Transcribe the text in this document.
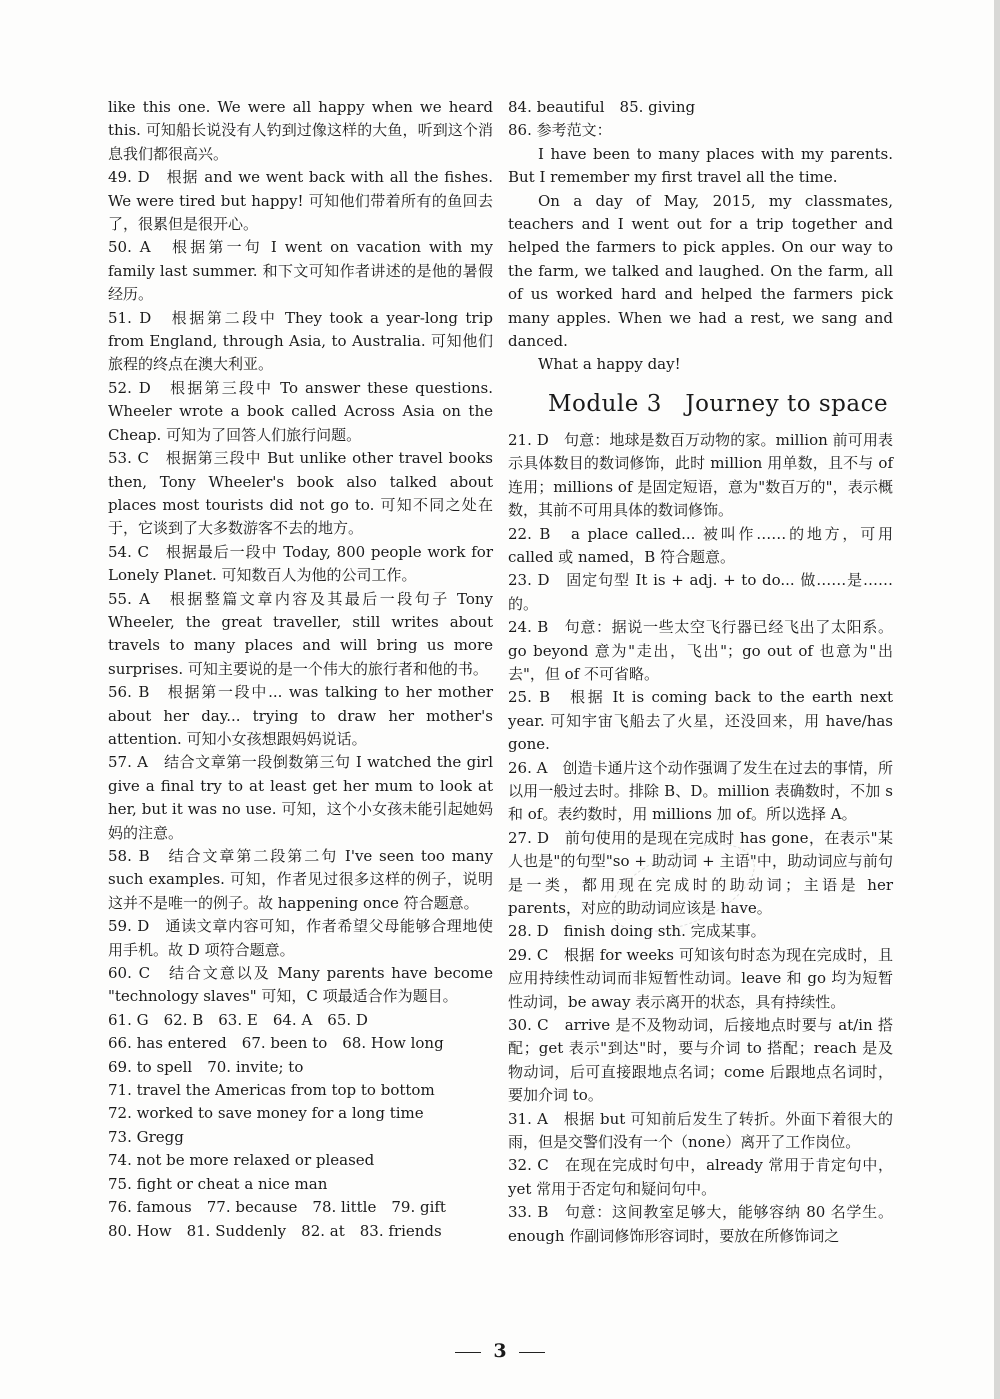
like this one. We were all happy when we heard this. 可知船长说没有人钓到过像这样的大鱼，听到这个消息我们都很高兴。

49. D　根据 and we went back with all the fishes. We were tired but happy! 可知他们带着所有的鱼回去了，很累但是很开心。

50. A　根据第一句 I went on vacation with my family last summer. 和下文可知作者讲述的是他的暑假经历。

51. D　根据第二段中 They took a year-long trip from England, through Asia, to Australia. 可知他们旅程的终点在澳大利亚。

52. D　根据第三段中 To answer these questions. Wheeler wrote a book called Across Asia on the Cheap. 可知为了回答人们旅行问题。

53. C　根据第三段中 But unlike other travel books then, Tony Wheeler's book also talked about places most tourists did not go to. 可知不同之处在于，它谈到了大多数游客不去的地方。

54. C　根据最后一段中 Today, 800 people work for Lonely Planet. 可知数百人为他的公司工作。

55. A　根据整篇文章内容及其最后一段句子 Tony Wheeler, the great traveller, still writes about travels to many places and will bring us more surprises. 可知主要说的是一个伟大的旅行者和他的书。

56. B　根据第一段中... was talking to her mother about her day... trying to draw her mother's attention. 可知小女孩想跟妈妈说话。

57. A　结合文章第一段倒数第三句 I watched the girl give a final try to at least get her mum to look at her, but it was no use. 可知，这个小女孩未能引起她妈妈的注意。

58. B　结合文章第二段第二句 I've seen too many such examples. 可知，作者见过很多这样的例子，说明这并不是唯一的例子。故 happening once 符合题意。

59. D　通读文章内容可知，作者希望父母能够合理地使用手机。故 D 项符合题意。

60. C　结合文意以及 Many parents have become "technology slaves" 可知，C 项最适合作为题目。

61. G　62. B　63. E　64. A　65. D

66. has entered　67. been to　68. How long

69. to spell　70. invite; to

71. travel the Americas from top to bottom

72. worked to save money for a long time

73. Gregg

74. not be more relaxed or pleased

75. fight or cheat a nice man

76. famous　77. because　78. little　79. gift

80. How　81. Suddenly　82. at　83. friends

84. beautiful　85. giving

86. 参考范文：

I have been to many places with my parents. But I remember my first travel all the time.

On a day of May, 2015, my classmates, teachers and I went out for a trip together and helped the farmers to pick apples. On our way to the farm, we talked and laughed. On the farm, all of us worked hard and helped the farmers pick many apples. When we had a rest, we sang and danced.

What a happy day!

Module 3　Journey to space

21. D　句意：地球是数百万动物的家。million 前可用表示具体数目的数词修饰，此时 million 用单数，且不与 of 连用；millions of 是固定短语，意为"数百万的"，表示概数，其前不可用具体的数词修饰。

22. B　a place called... 被叫作……的地方，可用 called 或 named，B 符合题意。

23. D　固定句型 It is + adj. + to do... 做……是……的。

24. B　句意：据说一些太空飞行器已经飞出了太阳系。go beyond 意为"走出，飞出"；go out of 也意为"出去"，但 of 不可省略。

25. B　根据 It is coming back to the earth next year. 可知宇宙飞船去了火星，还没回来，用 have/has gone.

26. A　创造卡通片这个动作强调了发生在过去的事情，所以用一般过去时。排除 B、D。million 表确数时，不加 s 和 of。表约数时，用 millions 加 of。所以选择 A。

27. D　前句使用的是现在完成时 has gone，在表示"某人也是"的句型"so + 助动词 + 主语"中，助动词应与前句是一类，都用现在完成时的助动词；主语是 her parents，对应的助动词应该是 have。

28. D　finish doing sth. 完成某事。

29. C　根据 for weeks 可知该句时态为现在完成时，且应用持续性动词而非短暂性动词。leave 和 go 均为短暂性动词，be away 表示离开的状态，具有持续性。

30. C　arrive 是不及物动词，后接地点时要与 at/in 搭配；get 表示"到达"时，要与介词 to 搭配；reach 是及物动词，后可直接跟地点名词；come 后跟地点名词时，要加介词 to。

31. A　根据 but 可知前后发生了转折。外面下着很大的雨，但是交警们没有一个（none）离开了工作岗位。

32. C　在现在完成时句中，already 常用于肯定句中，yet 常用于否定句和疑问句中。

33. B　句意：这间教室足够大，能够容纳 80 名学生。enough 作副词修饰形容词时，要放在所修饰词之

3
